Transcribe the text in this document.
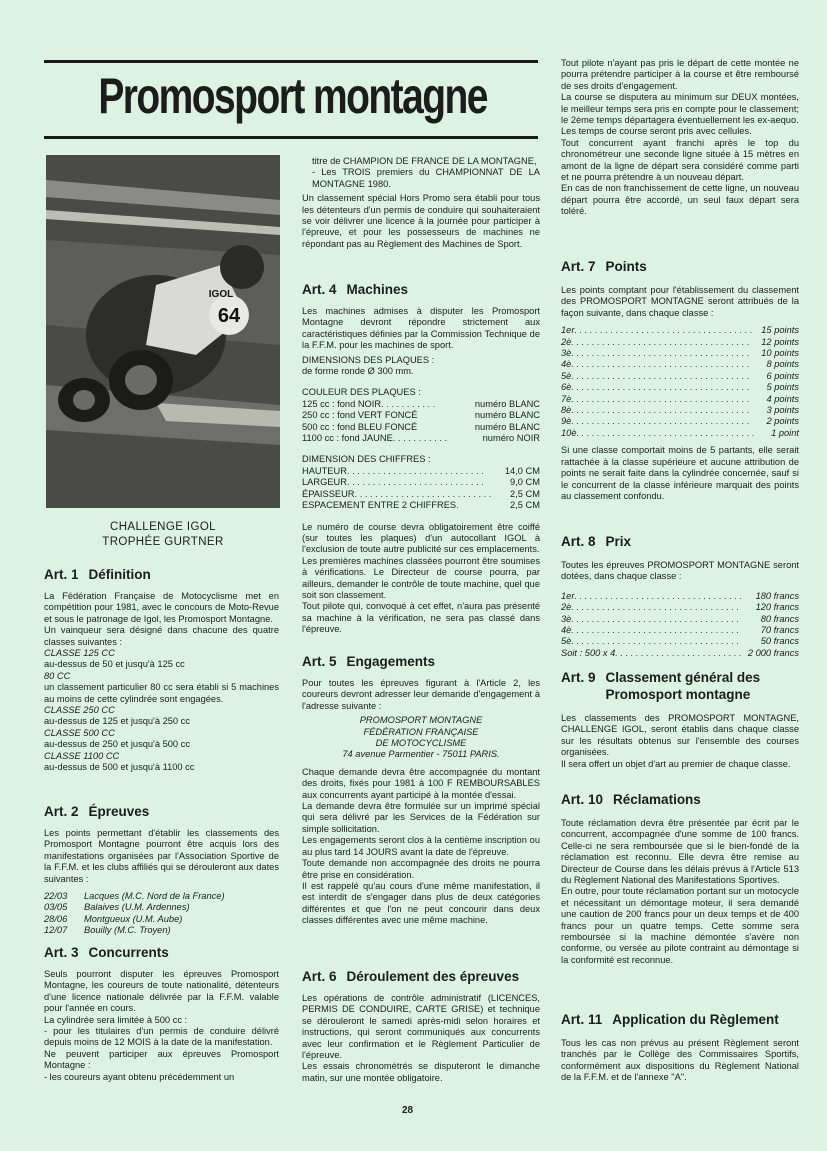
Promosport montagne
64
IGOL
CHALLENGE IGOL
TROPHÉE GURTNER
Art. 1 Définition

La Fédération Française de Motocyclisme met en compétition pour 1981, avec le concours de Moto-Revue et sous le patronage de Igol, les Promosport Montagne.

Un vainqueur sera désigné dans chacune des quatre classes suivantes :

CLASSE 125 CC

au-dessus de 50 et jusqu'à 125 cc

80 CC

un classement particulier 80 cc sera établi si 5 machines au moins de cette cylindrée sont engagées.

CLASSE 250 CC

au-dessus de 125 et jusqu'à 250 cc

CLASSE 500 CC

au-dessus de 250 et jusqu'à 500 cc

CLASSE 1100 CC

au-dessus de 500 et jusqu'à 1100 cc

Art. 2 Épreuves

Les points permettant d'établir les classements des Promosport Montagne pourront être acquis lors des manifestations organisées par l'Association Sportive de la F.F.M. et les clubs affiliés qui se dérouleront aux dates suivantes :

22/03	Lacques (M.C. Nord de la France)
03/05	Balaives (U.M. Ardennes)
28/06	Montgueux (U.M. Aube)
12/07	Bouilly (M.C. Troyen)
Art. 3 Concurrents

Seuls pourront disputer les épreuves Promosport Montagne, les coureurs de toute nationalité, détenteurs d'une licence nationale délivrée par la F.F.M. valable pour l'année en cours.

La cylindrée sera limitée à 500 cc :

- pour les titulaires d'un permis de conduire délivré depuis moins de 12 MOIS à la date de la manifestation.

Ne peuvent participer aux épreuves Promosport Montagne :

- les coureurs ayant obtenu précédemment un

titre de CHAMPION DE FRANCE DE LA MONTAGNE,

- Les TROIS premiers du CHAMPIONNAT DE LA MONTAGNE 1980.

Un classement spécial Hors Promo sera établi pour tous les détenteurs d'un permis de conduire qui souhaiteraient se voir délivrer une licence à la journée pour participer à l'épreuve, et pour les possesseurs de machines ne répondant pas au Règlement des Machines de Sport.

Art. 4 Machines

Les machines admises à disputer les Promosport Montagne devront répondre strictement aux caractéristiques définies par la Commission Technique de la F.F.M. pour les machines de sport.

DIMENSIONS DES PLAQUES :

de forme ronde Ø 300 mm.

COULEUR DES PLAQUES :

125 cc : fond NOIR . . . . . . . . . . .	numéro BLANC
250 cc : fond VERT FONCÉ	numéro BLANC
500 cc : fond BLEU FONCÉ	numéro BLANC
1100 cc : fond JAUNE . . . . . . . . . . .	numéro NOIR

DIMENSION DES CHIFFRES :

HAUTEUR . . . . . . . . . . . . . . . . . . . . . . . . . . .	14,0 CM
LARGEUR . . . . . . . . . . . . . . . . . . . . . . . . . . .	9,0 CM
ÉPAISSEUR . . . . . . . . . . . . . . . . . . . . . . . . . . .	2,5 CM
ESPACEMENT ENTRE 2 CHIFFRES .	2,5 CM

Le numéro de course devra obligatoirement être coiffé (sur toutes les plaques) d'un autocollant IGOL à l'exclusion de toute autre publicité sur ces emplacements.

Les premières machines classées pourront être soumises à vérifications. Le Directeur de course pourra, par ailleurs, demander le contrôle de toute machine, quel que soit son classement.

Tout pilote qui, convoqué à cet effet, n'aura pas présenté sa machine à la vérification, ne sera pas classé dans l'épreuve.

Art. 5 Engagements

Pour toutes les épreuves figurant à l'Article 2, les coureurs devront adresser leur demande d'engagement à l'adresse suivante :

PROMOSPORT MONTAGNE

FÉDÉRATION FRANÇAISE

DE MOTOCYCLISME

74 avenue Parmentier - 75011 PARIS.

Chaque demande devra être accompagnée du montant des droits, fixés pour 1981 à 100 F REMBOURSABLES aux concurrents ayant participé à la montée d'essai.

La demande devra être formulée sur un imprimé spécial qui sera délivré par les Services de la Fédération sur simple sollicitation.

Les engagements seront clos à la centième inscription ou au plus tard 14 JOURS avant la date de l'épreuve.

Toute demande non accompagnée des droits ne pourra être prise en considération.

Il est rappelé qu'au cours d'une même manifestation, il est interdit de s'engager dans plus de deux catégories différentes et que l'on ne peut concourir dans deux classes différentes avec une même machine.

Art. 6 Déroulement des épreuves

Les opérations de contrôle administratif (LICENCES, PERMIS DE CONDUIRE, CARTE GRISE) et technique se dérouleront le samedi après-midi selon horaires et instructions, qui seront communiqués aux concurrents avec leur confirmation et le Règlement Particulier de l'épreuve.

Les essais chronométrés se disputeront le dimanche matin, sur une montée obligatoire.

28

Tout pilote n'ayant pas pris le départ de cette montée ne pourra prétendre participer à la course et être remboursé de ses droits d'engagement.

La course se disputera au minimum sur DEUX montées, le meilleur temps sera pris en compte pour le classement; le 2ème temps départagera éventuellement les ex-aequo.

Les temps de course seront pris avec cellules.

Tout concurrent ayant franchi après le top du chronométreur une seconde ligne située à 15 mètres en amont de la ligne de départ sera considéré comme parti et ne pourra prétendre à un nouveau départ.

En cas de non franchissement de cette ligne, un nouveau départ pourra être accordé, un seul faux départ sera toléré.

Art. 7 Points

Les points comptant pour l'établissement du classement des PROMOSPORT MONTAGNE seront attribués de la façon suivante, dans chaque classe :

1er . . . . . . . . . . . . . . . . . . . . . . . . . . . . . . . . . . . 15 points
2è . . . . . . . . . . . . . . . . . . . . . . . . . . . . . . . . . . .	12 points
3è . . . . . . . . . . . . . . . . . . . . . . . . . . . . . . . . . . .	10 points
4è . . . . . . . . . . . . . . . . . . . . . . . . . . . . . . . . . . .	8 points
5è . . . . . . . . . . . . . . . . . . . . . . . . . . . . . . . . . . .	6 points
6è . . . . . . . . . . . . . . . . . . . . . . . . . . . . . . . . . . .	5 points
7è . . . . . . . . . . . . . . . . . . . . . . . . . . . . . . . . . . .	4 points
8è . . . . . . . . . . . . . . . . . . . . . . . . . . . . . . . . . . .	3 points
9è . . . . . . . . . . . . . . . . . . . . . . . . . . . . . . . . . . .	2 points
10è . . . . . . . . . . . . . . . . . . . . . . . . . . . . . . . . . . .	1 point

Si une classe comportait moins de 5 partants, elle serait rattachée à la classe supérieure et aucune attribution de points ne serait faite dans la cylindrée concernée, sauf si le concurrent de la classe inférieure marquait des points au classement confondu.

Art. 8 Prix

Toutes les épreuves PROMOSPORT MONTAGNE seront dotées, dans chaque classe :

1er . . . . . . . . . . . . . . . . . . . . . . . . . . . . . . . . .	180 francs
2è . . . . . . . . . . . . . . . . . . . . . . . . . . . . . . . . .	120 francs
3è . . . . . . . . . . . . . . . . . . . . . . . . . . . . . . . . .	80 francs
4è . . . . . . . . . . . . . . . . . . . . . . . . . . . . . . . . .	70 francs
5è . . . . . . . . . . . . . . . . . . . . . . . . . . . . . . . . .	50 francs
Soit : 500 x 4 . . . . . . . . . . . . . . . . . . . . . . . . . 2 000 francs
Art. 9 Classement général des
Promosport montagne

Les classements des PROMOSPORT MONTAGNE, CHALLENGE IGOL, seront établis dans chaque classe sur les résultats obtenus sur l'ensemble des courses organisées.

Il sera offert un objet d'art au premier de chaque classe.

Art. 10 Réclamations

Toute réclamation devra être présentée par écrit par le concurrent, accompagnée d'une somme de 100 francs. Celle-ci ne sera remboursée que si le bien-fondé de la réclamation est reconnu. Elle devra être remise au Directeur de Course dans les délais prévus à l'Article 513 du Règlement National des Manifestations Sportives.

En outre, pour toute réclamation portant sur un motocycle et nécessitant un démontage moteur, il sera demandé une caution de 200 francs pour un deux temps et de 400 francs pour un quatre temps. Cette somme sera remboursée si la machine démontée s'avère non conforme, ou versée au pilote contraint au démontage si la conformité est reconnue.

Art. 11 Application du Règlement

Tous les cas non prévus au présent Règlement seront tranchés par le Collège des Commissaires Sportifs, conformément aux dispositions du Règlement National de la F.F.M. et de l'annexe "A".
